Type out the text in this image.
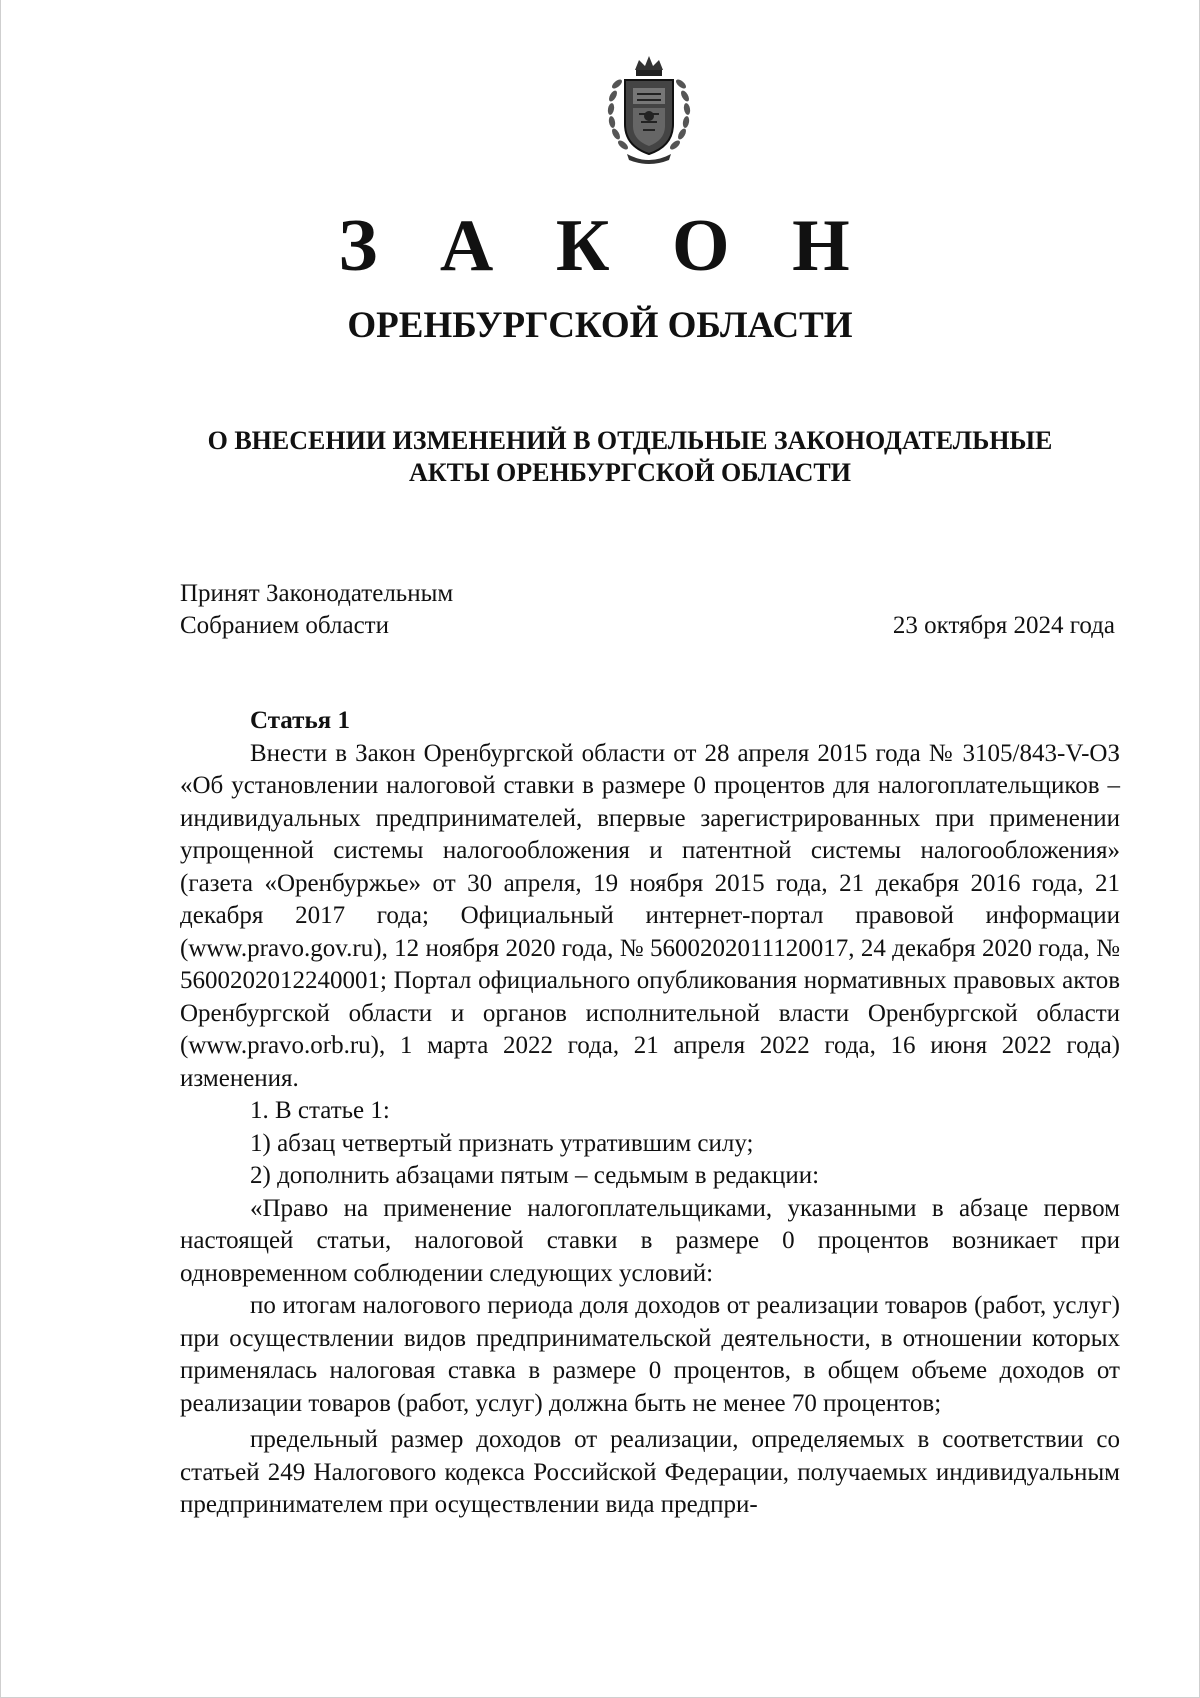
З А К О Н
ОРЕНБУРГСКОЙ ОБЛАСТИ
О ВНЕСЕНИИ ИЗМЕНЕНИЙ В ОТДЕЛЬНЫЕ ЗАКОНОДАТЕЛЬНЫЕ
АКТЫ ОРЕНБУРГСКОЙ ОБЛАСТИ
Принят Законодательным
Собранием области	23 октября 2024 года
Статья 1

Внести в Закон Оренбургской области от 28 апреля 2015 года № 3105/843-V-ОЗ «Об установлении налоговой ставки в размере 0 процентов для налогоплательщиков – индивидуальных предпринимателей, впервые зарегистрированных при применении упрощенной системы налогообложения и патентной системы налогообложения» (газета «Оренбуржье» от 30 апреля, 19 ноября 2015 года, 21 декабря 2016 года, 21 декабря 2017 года; Официальный интернет-портал правовой информации (www.pravo.gov.ru), 12 ноября 2020 года, № 5600202011120017, 24 декабря 2020 года, № 5600202012240001; Портал официального опубликования нормативных правовых актов Оренбургской области и органов исполнительной власти Оренбургской области (www.pravo.orb.ru), 1 марта 2022 года, 21 апреля 2022 года, 16 июня 2022 года) изменения.

1. В статье 1:

1) абзац четвертый признать утратившим силу;

2) дополнить абзацами пятым – седьмым в редакции:

«Право на применение налогоплательщиками, указанными в абзаце первом настоящей статьи, налоговой ставки в размере 0 процентов возникает при одновременном соблюдении следующих условий:

по итогам налогового периода доля доходов от реализации товаров (работ, услуг) при осуществлении видов предпринимательской деятельности, в отношении которых применялась налоговая ставка в размере 0 процентов, в общем объеме доходов от реализации товаров (работ, услуг) должна быть не менее 70 процентов;

предельный размер доходов от реализации, определяемых в соответствии со статьей 249 Налогового кодекса Российской Федерации, получаемых индивидуальным предпринимателем при осуществлении вида предпри-
